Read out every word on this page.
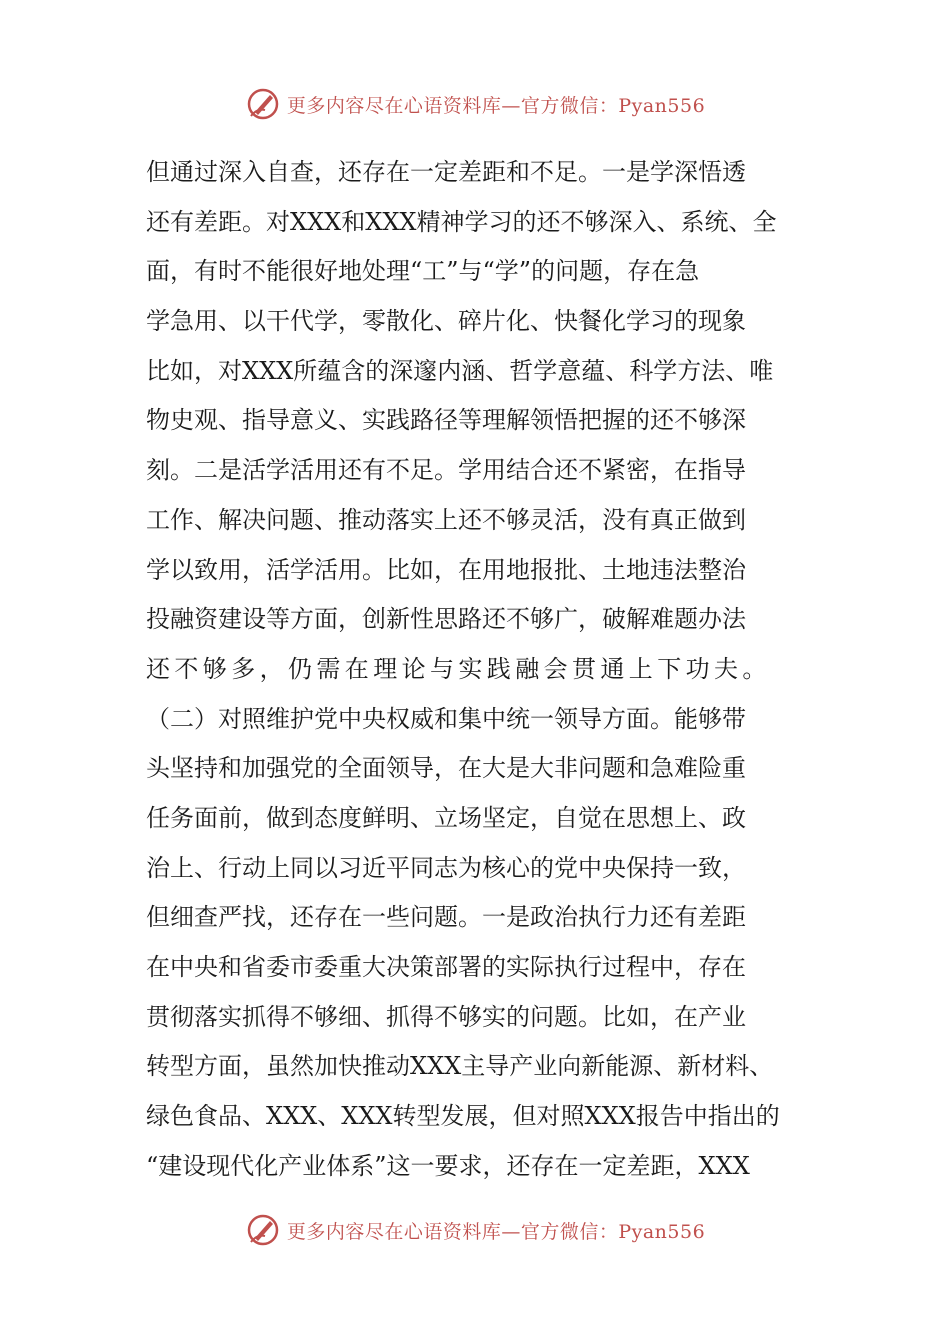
更多内容尽在心语资料库—官方微信：Pyan556
但通过深入自查，还存在一定差距和不足。一是学深悟透
还有差距。对XXX和XXX精神学习的还不够深入、系统、全
面，有时不能很好地处理“工”与“学”的问题，存在急
学急用、以干代学，零散化、碎片化、快餐化学习的现象
比如，对XXX所蕴含的深邃内涵、哲学意蕴、科学方法、唯
物史观、指导意义、实践路径等理解领悟把握的还不够深
刻。二是活学活用还有不足。学用结合还不紧密，在指导
工作、解决问题、推动落实上还不够灵活，没有真正做到
学以致用，活学活用。比如，在用地报批、土地违法整治
投融资建设等方面，创新性思路还不够广，破解难题办法
还不够多，仍需在理论与实践融会贯通上下功夫。
（二）对照维护党中央权威和集中统一领导方面。能够带
头坚持和加强党的全面领导，在大是大非问题和急难险重
任务面前，做到态度鲜明、立场坚定，自觉在思想上、政
治上、行动上同以习近平同志为核心的党中央保持一致，
但细查严找，还存在一些问题。一是政治执行力还有差距
在中央和省委市委重大决策部署的实际执行过程中，存在
贯彻落实抓得不够细、抓得不够实的问题。比如，在产业
转型方面，虽然加快推动XXX主导产业向新能源、新材料、
绿色食品、XXX、XXX转型发展，但对照XXX报告中指出的
“建设现代化产业体系”这一要求，还存在一定差距，XXX
更多内容尽在心语资料库—官方微信：Pyan556
